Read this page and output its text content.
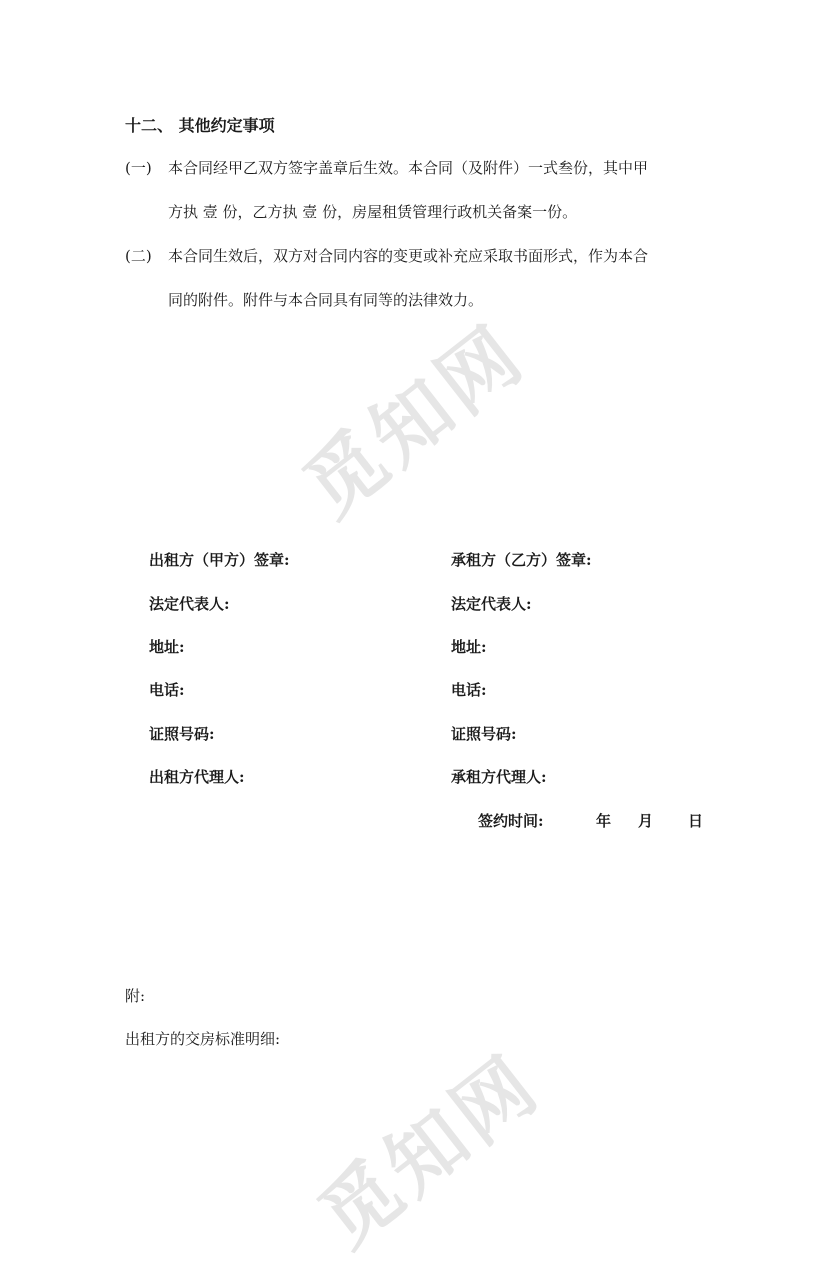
觅知网
觅知网
十二、 其他约定事项
(一) 本合同经甲乙双方签字盖章后生效。本合同（及附件）一式叁份，其中甲
方执 壹 份，乙方执 壹 份，房屋租赁管理行政机关备案一份。
(二) 本合同生效后，双方对合同内容的变更或补充应采取书面形式，作为本合
同的附件。附件与本合同具有同等的法律效力。
出租方（甲方）签章:
法定代表人:
地址:
电话:
证照号码:
出租方代理人:
承租方（乙方）签章:
法定代表人:
地址:
电话:
证照号码:
承租方代理人:
签约时间:	年 月 日
附:
出租方的交房标准明细:
